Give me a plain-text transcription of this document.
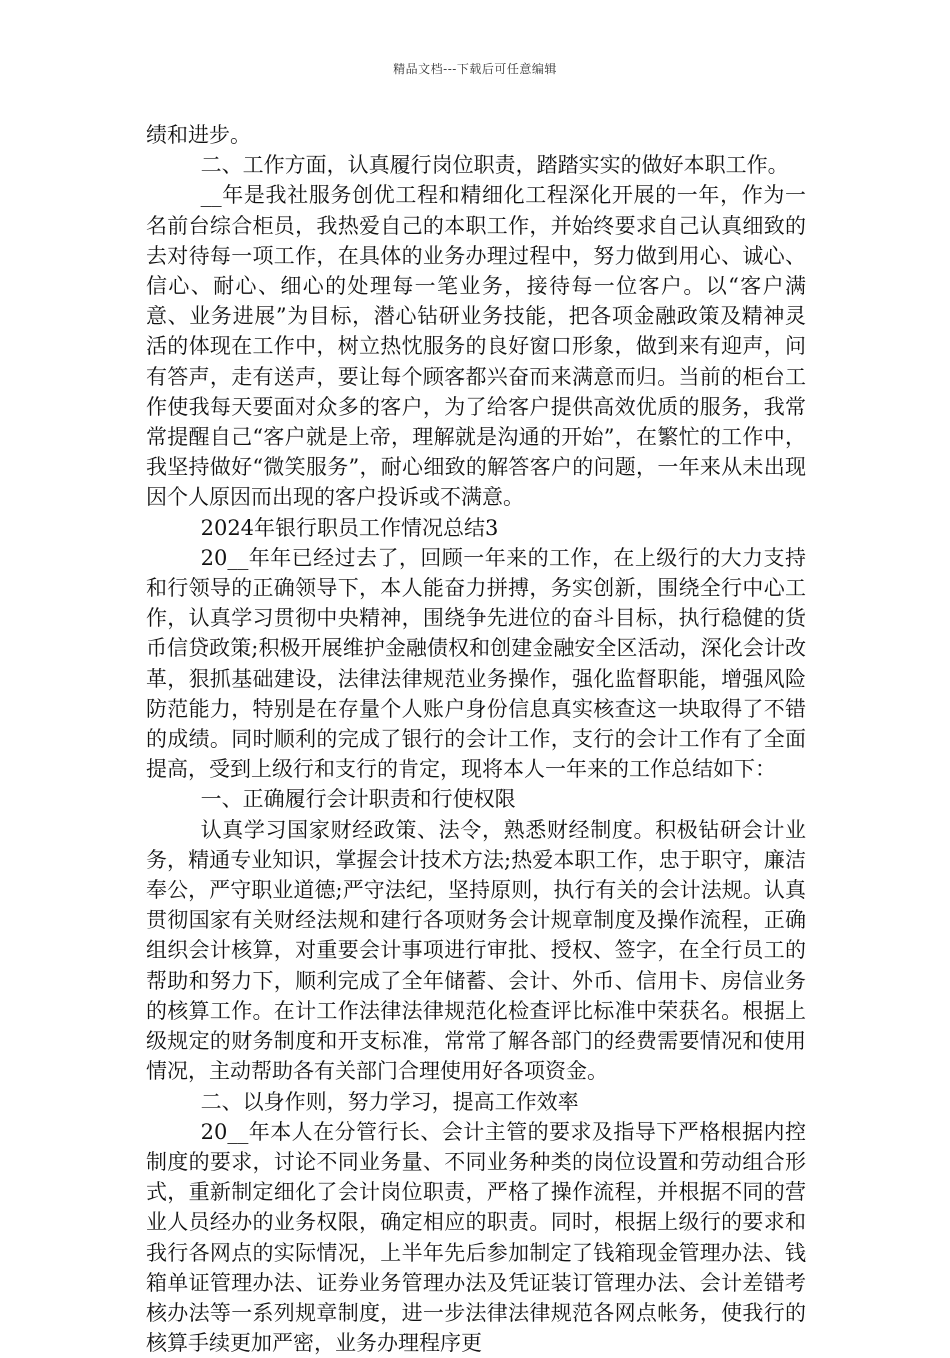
精品文档---下载后可任意编辑

绩和进步。

二、工作方面，认真履行岗位职责，踏踏实实的做好本职工作。

__年是我社服务创优工程和精细化工程深化开展的一年，作为一名前台综合柜员，我热爱自己的本职工作，并始终要求自己认真细致的去对待每一项工作，在具体的业务办理过程中，努力做到用心、诚心、信心、耐心、细心的处理每一笔业务，接待每一位客户。以“客户满意、业务进展”为目标，潜心钻研业务技能，把各项金融政策及精神灵活的体现在工作中，树立热忱服务的良好窗口形象，做到来有迎声，问有答声，走有送声，要让每个顾客都兴奋而来满意而归。当前的柜台工作使我每天要面对众多的客户，为了给客户提供高效优质的服务，我常常提醒自己“客户就是上帝，理解就是沟通的开始”，在繁忙的工作中，我坚持做好“微笑服务”，耐心细致的解答客户的问题，一年来从未出现因个人原因而出现的客户投诉或不满意。

2024年银行职员工作情况总结3

20__年年已经过去了，回顾一年来的工作，在上级行的大力支持和行领导的正确领导下，本人能奋力拼搏，务实创新，围绕全行中心工作，认真学习贯彻中央精神，围绕争先进位的奋斗目标，执行稳健的货币信贷政策;积极开展维护金融债权和创建金融安全区活动，深化会计改革，狠抓基础建设，法律法律规范业务操作，强化监督职能，增强风险防范能力，特别是在存量个人账户身份信息真实核查这一块取得了不错的成绩。同时顺利的完成了银行的会计工作，支行的会计工作有了全面提高，受到上级行和支行的肯定，现将本人一年来的工作总结如下：

一、正确履行会计职责和行使权限

认真学习国家财经政策、法令，熟悉财经制度。积极钻研会计业务，精通专业知识，掌握会计技术方法;热爱本职工作，忠于职守，廉洁奉公，严守职业道德;严守法纪，坚持原则，执行有关的会计法规。认真贯彻国家有关财经法规和建行各项财务会计规章制度及操作流程，正确组织会计核算，对重要会计事项进行审批、授权、签字，在全行员工的帮助和努力下，顺利完成了全年储蓄、会计、外币、信用卡、房信业务的核算工作。在计工作法律法律规范化检查评比标准中荣获名。根据上级规定的财务制度和开支标准，常常了解各部门的经费需要情况和使用情况，主动帮助各有关部门合理使用好各项资金。

二、以身作则，努力学习，提高工作效率

20__年本人在分管行长、会计主管的要求及指导下严格根据内控制度的要求，讨论不同业务量、不同业务种类的岗位设置和劳动组合形式，重新制定细化了会计岗位职责，严格了操作流程，并根据不同的营业人员经办的业务权限，确定相应的职责。同时，根据上级行的要求和我行各网点的实际情况，上半年先后参加制定了钱箱现金管理办法、钱箱单证管理办法、证券业务管理办法及凭证装订管理办法、会计差错考核办法等一系列规章制度，进一步法律法律规范各网点帐务，使我行的核算手续更加严密，业务办理程序更
